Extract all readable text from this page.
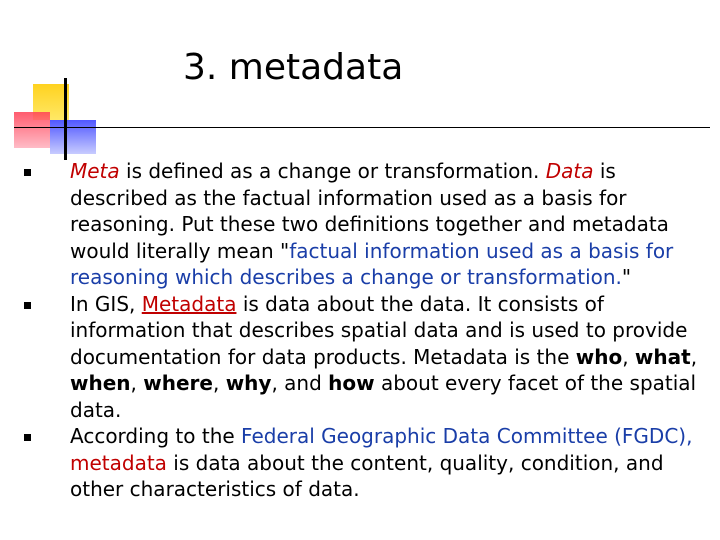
3. metadata
Meta is defined as a change or transformation. Data is described as the factual information used as a basis for reasoning. Put these two definitions together and metadata would literally mean "factual information used as a basis for reasoning which describes a change or transformation."
In GIS, Metadata is data about the data. It consists of information that describes spatial data and is used to provide documentation for data products. Metadata is the who, what, when, where, why, and how about every facet of the spatial data.
According to the Federal Geographic Data Committee (FGDC), metadata is data about the content, quality, condition, and other characteristics of data.
